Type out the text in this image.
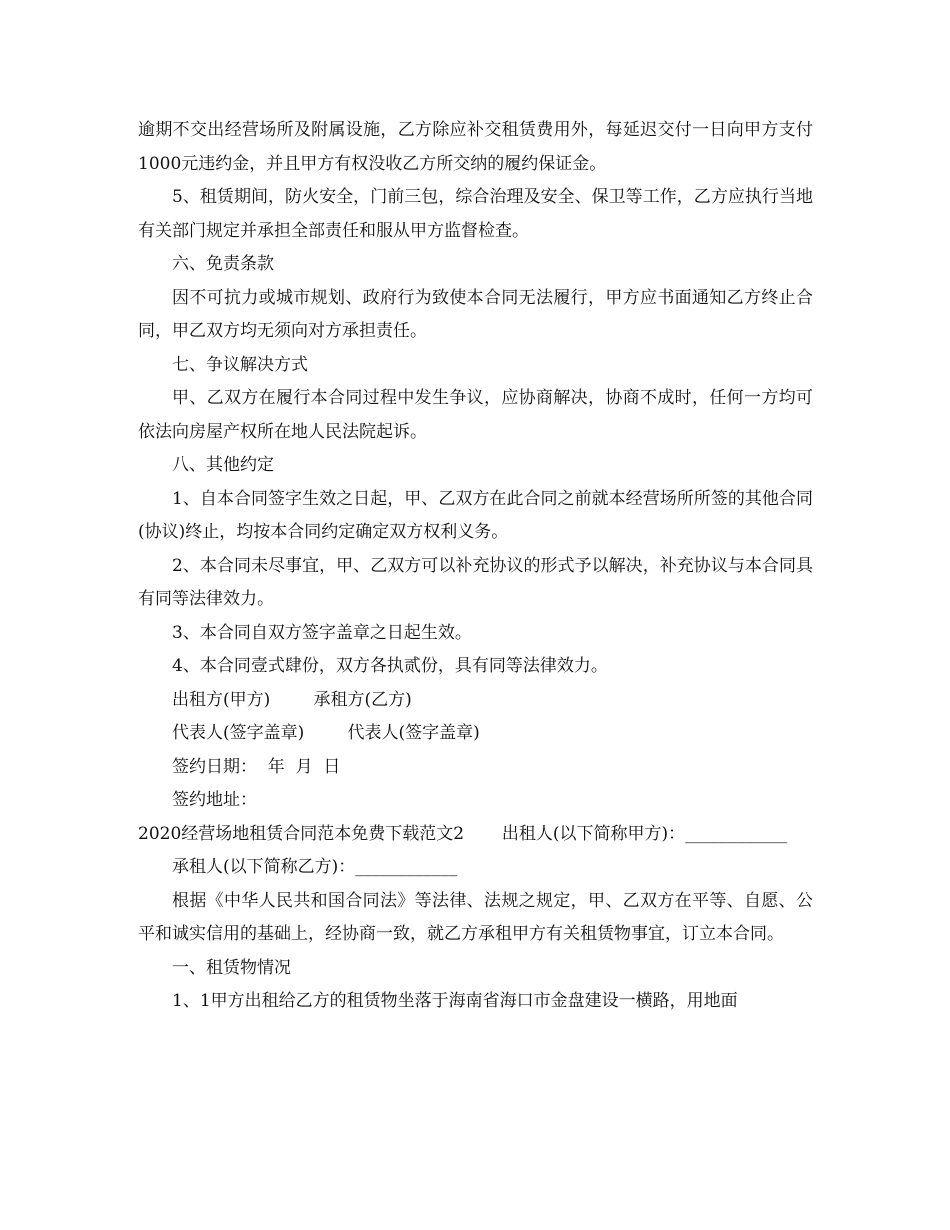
逾期不交出经营场所及附属设施，乙方除应补交租赁费用外，每延迟交付一日向甲方支付 1000元违约金，并且甲方有权没收乙方所交纳的履约保证金。

5、租赁期间，防火安全，门前三包，综合治理及安全、保卫等工作，乙方应执行当地有关部门规定并承担全部责任和服从甲方监督检查。

六、免责条款

因不可抗力或城市规划、政府行为致使本合同无法履行，甲方应书面通知乙方终止合同，甲乙双方均无须向对方承担责任。

七、争议解决方式

甲、乙双方在履行本合同过程中发生争议，应协商解决，协商不成时，任何一方均可依法向房屋产权所在地人民法院起诉。

八、其他约定

1、自本合同签字生效之日起，甲、乙双方在此合同之前就本经营场所所签的其他合同(协议)终止，均按本合同约定确定双方权利义务。

2、本合同未尽事宜，甲、乙双方可以补充协议的形式予以解决，补充协议与本合同具有同等法律效力。

3、本合同自双方签字盖章之日起生效。

4、本合同壹式肆份，双方各执贰份，具有同等法律效力。

出租方(甲方)        承租方(乙方)

代表人(签字盖章)        代表人(签字盖章)

签约日期：  年  月  日

签约地址：

2020经营场地租赁合同范本免费下载范文2       出租人(以下简称甲方)：____________

承租人(以下简称乙方)：____________

根据《中华人民共和国合同法》等法律、法规之规定，甲、乙双方在平等、自愿、公平和诚实信用的基础上，经协商一致，就乙方承租甲方有关租赁物事宜，订立本合同。

一、租赁物情况

1、1甲方出租给乙方的租赁物坐落于海南省海口市金盘建设一横路，用地面
